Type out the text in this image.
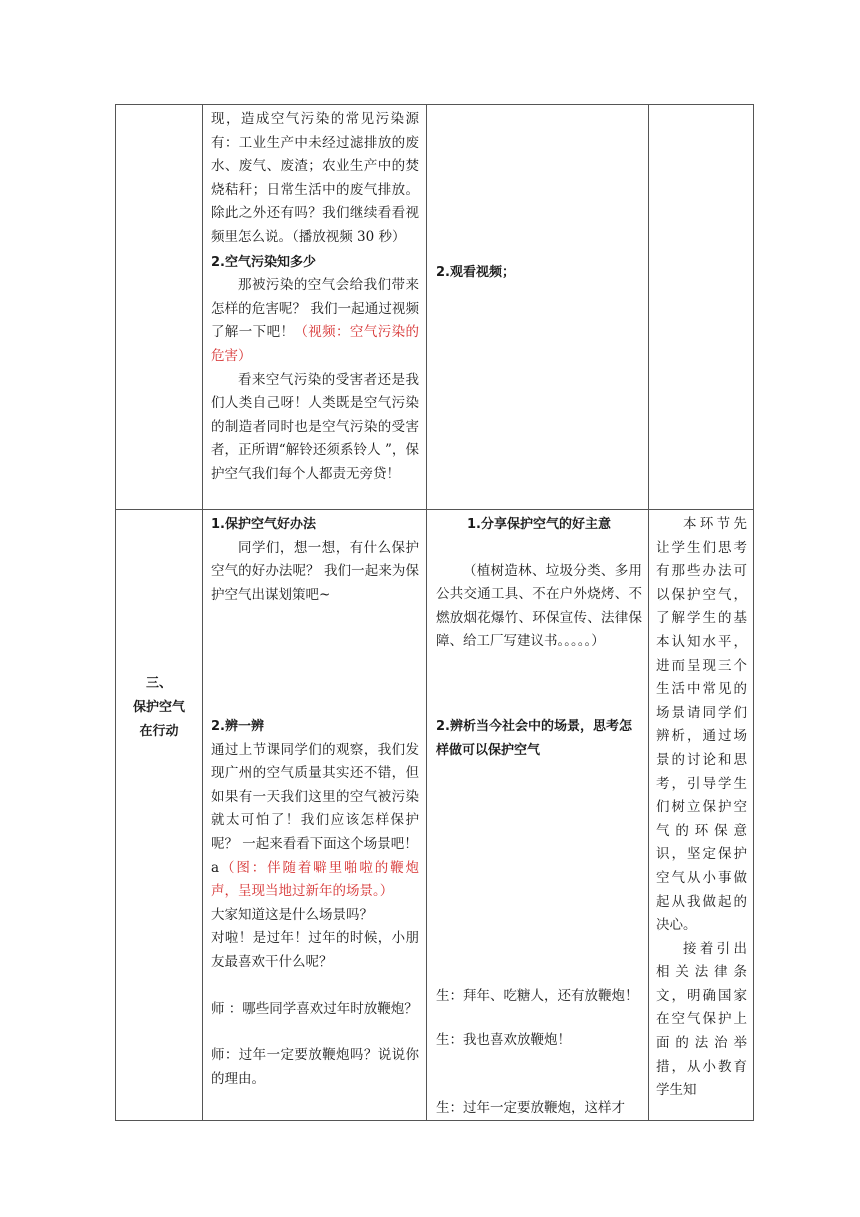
现，造成空气污染的常见污染源有：工业生产中未经过滤排放的废水、废气、废渣；农业生产中的焚烧秸秆；日常生活中的废气排放。除此之外还有吗？我们继续看看视频里怎么说。（播放视频 30 秒）

2.空气污染知多少

那被污染的空气会给我们带来怎样的危害呢？ 我们一起通过视频了解一下吧！（视频：空气污染的危害）

看来空气污染的受害者还是我们人类自己呀！人类既是空气污染的制造者同时也是空气污染的受害者，正所谓“解铃还须系铃人 ”，保护空气我们每个人都责无旁贷！

2.观看视频；

三、
保护空气
在行动

1.保护空气好办法

同学们，想一想，有什么保护空气的好办法呢？ 我们一起来为保护空气出谋划策吧~

2.辨一辨

通过上节课同学们的观察，我们发现广州的空气质量其实还不错，但如果有一天我们这里的空气被污染就太可怕了！我们应该怎样保护呢？ 一起来看看下面这个场景吧！

a（图：伴随着噼里啪啦的鞭炮声，呈现当地过新年的场景。）

大家知道这是什么场景吗？

对啦！是过年！过年的时候，小朋友最喜欢干什么呢？

师 ：哪些同学喜欢过年时放鞭炮？

师：过年一定要放鞭炮吗？说说你的理由。

1.分享保护空气的好主意

（植树造林、垃圾分类、多用公共交通工具、不在户外烧烤、不燃放烟花爆竹、环保宣传、法律保障、给工厂写建议书。。。。。）

2.辨析当今社会中的场景，思考怎样做可以保护空气

生：拜年、吃糖人，还有放鞭炮！

生：我也喜欢放鞭炮！

生：过年一定要放鞭炮，这样才

本环节先让学生们思考有那些办法可以保护空气，了解学生的基本认知水平，进而呈现三个生活中常见的场景请同学们辨析，通过场景的讨论和思考，引导学生们树立保护空气的环保意识，坚定保护空气从小事做起从我做起的决心。

接着引出相关法律条文，明确国家在空气保护上面的法治举措，从小教育学生知
